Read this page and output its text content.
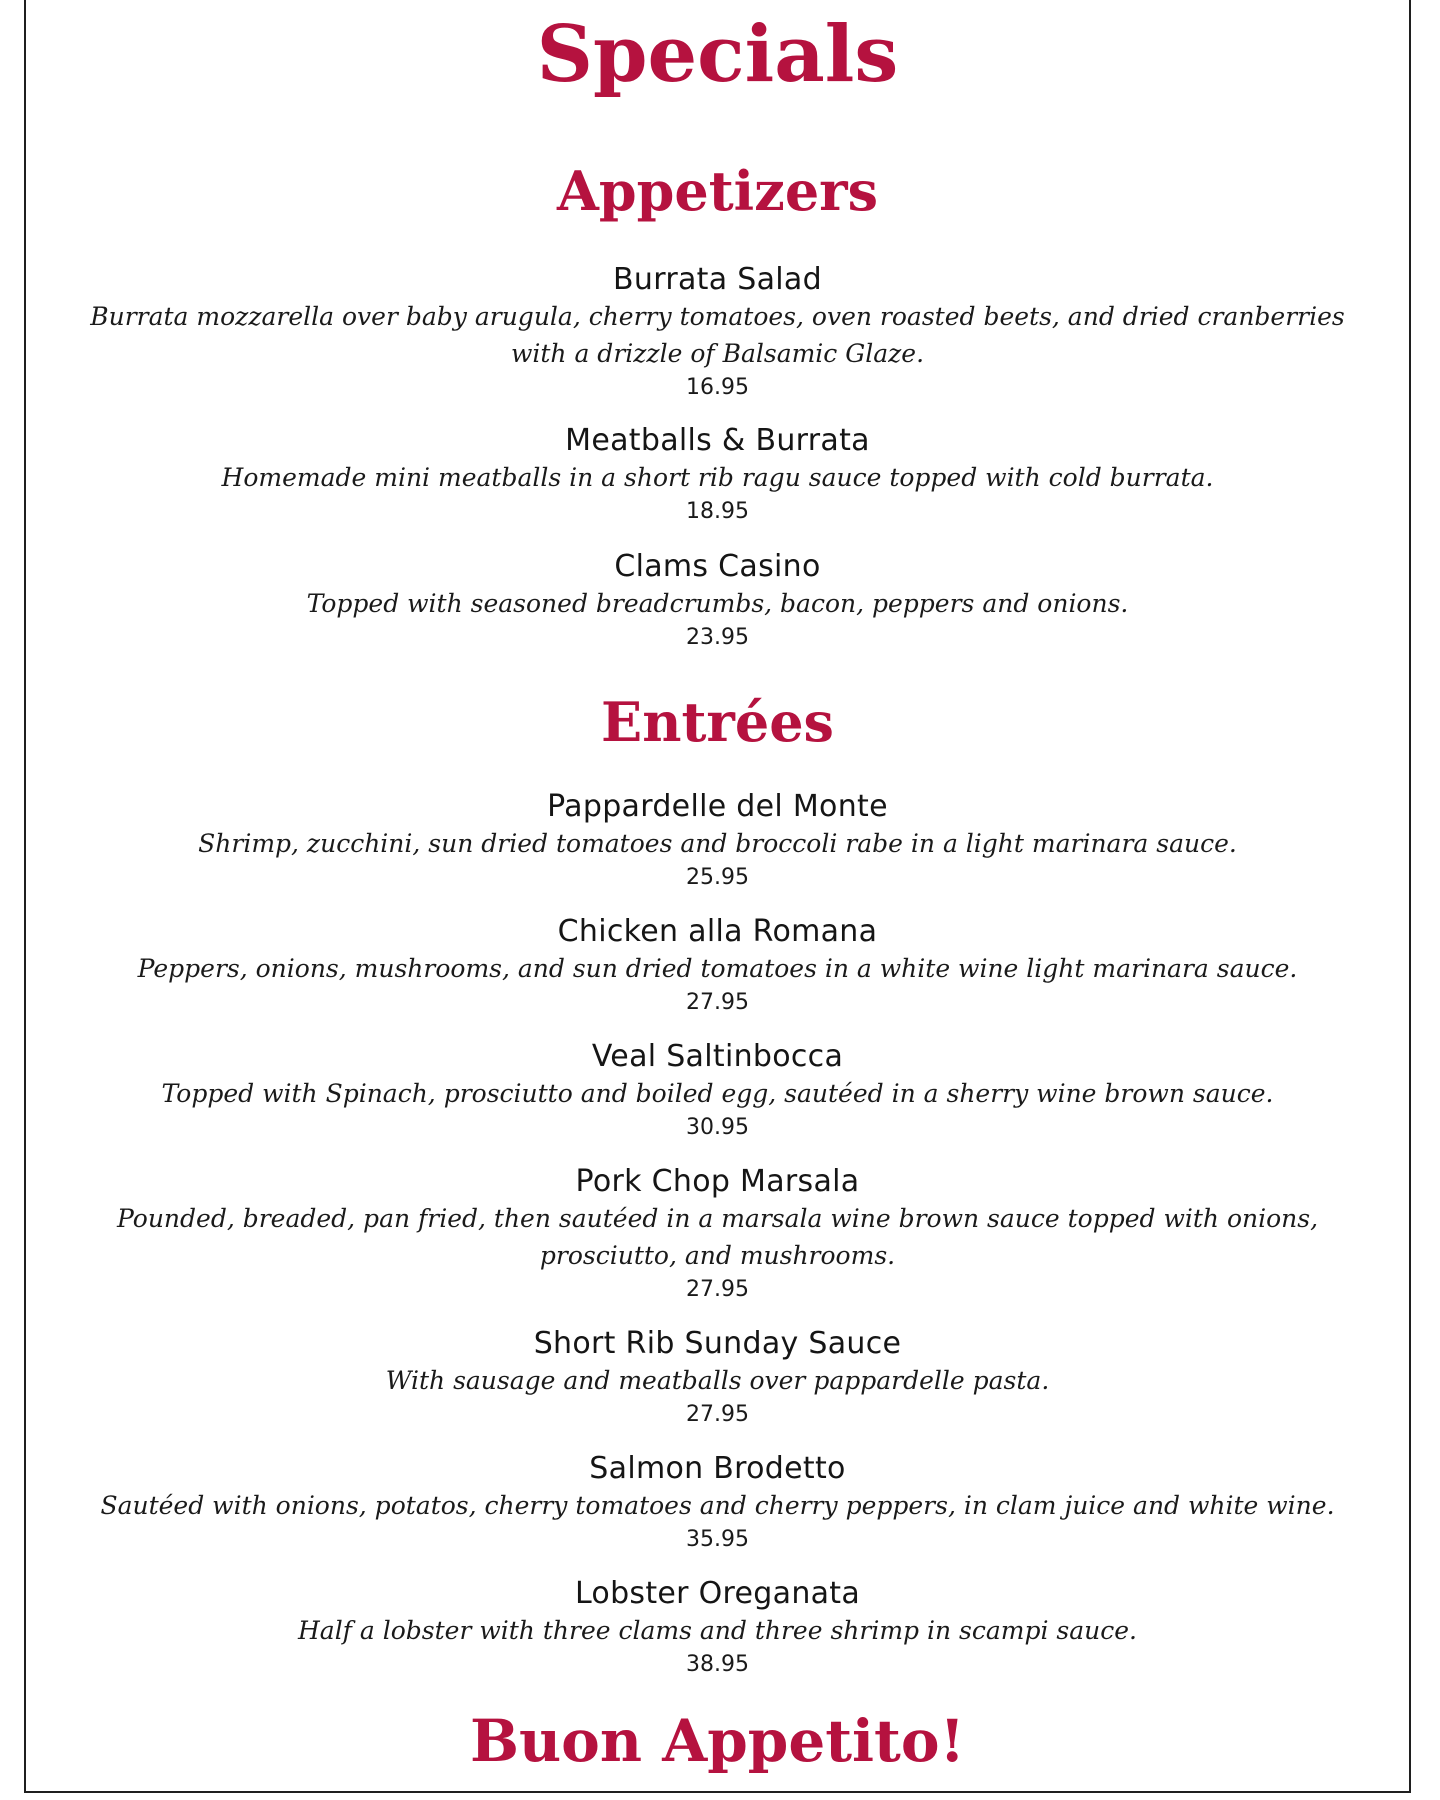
Specials
Appetizers

Burrata Salad

Burrata mozzarella over baby arugula, cherry tomatoes, oven roasted beets, and dried cranberries with a drizzle of Balsamic Glaze.

16.95

Meatballs & Burrata

Homemade mini meatballs in a short rib ragu sauce topped with cold burrata.

18.95

Clams Casino

Topped with seasoned breadcrumbs, bacon, peppers and onions.

23.95

Entrées

Pappardelle del Monte

Shrimp, zucchini, sun dried tomatoes and broccoli rabe in a light marinara sauce.

25.95

Chicken alla Romana

Peppers, onions, mushrooms, and sun dried tomatoes in a white wine light marinara sauce.

27.95

Veal Saltinbocca

Topped with Spinach, prosciutto and boiled egg, sautéed in a sherry wine brown sauce.

30.95

Pork Chop Marsala

Pounded, breaded, pan fried, then sautéed in a marsala wine brown sauce topped with onions, prosciutto, and mushrooms.

27.95

Short Rib Sunday Sauce

With sausage and meatballs over pappardelle pasta.

27.95

Salmon Brodetto

Sautéed with onions, potatos, cherry tomatoes and cherry peppers, in clam juice and white wine.

35.95

Lobster Oreganata

Half a lobster with three clams and three shrimp in scampi sauce.

38.95

Buon Appetito!
